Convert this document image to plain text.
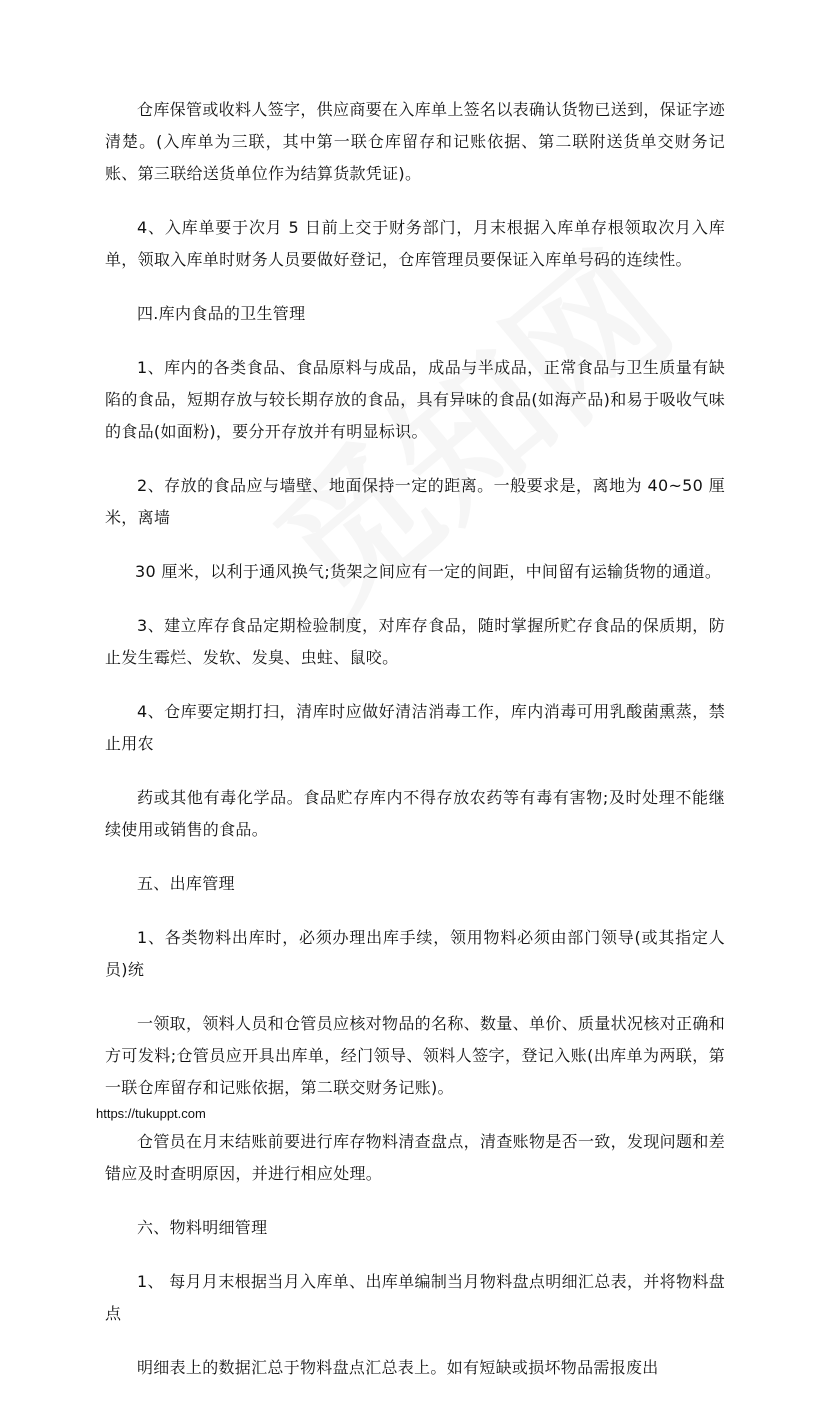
仓库保管或收料人签字，供应商要在入库单上签名以表确认货物已送到，保证字迹清楚。(入库单为三联，其中第一联仓库留存和记账依据、第二联附送货单交财务记账、第三联给送货单位作为结算货款凭证)。

4、入库单要于次月 5 日前上交于财务部门，月末根据入库单存根领取次月入库单，领取入库单时财务人员要做好登记，仓库管理员要保证入库单号码的连续性。

四.库内食品的卫生管理

1、库内的各类食品、食品原料与成品，成品与半成品，正常食品与卫生质量有缺陷的食品，短期存放与较长期存放的食品，具有异味的食品(如海产品)和易于吸收气味的食品(如面粉)，要分开存放并有明显标识。

2、存放的食品应与墙壁、地面保持一定的距离。一般要求是，离地为 40~50 厘米，离墙

30 厘米，以利于通风换气;货架之间应有一定的间距，中间留有运输货物的通道。

3、建立库存食品定期检验制度，对库存食品，随时掌握所贮存食品的保质期，防止发生霉烂、发软、发臭、虫蛀、鼠咬。

4、仓库要定期打扫，清库时应做好清洁消毒工作，库内消毒可用乳酸菌熏蒸，禁止用农

药或其他有毒化学品。食品贮存库内不得存放农药等有毒有害物;及时处理不能继续使用或销售的食品。

五、出库管理

1、各类物料出库时，必须办理出库手续，领用物料必须由部门领导(或其指定人员)统

一领取，领料人员和仓管员应核对物品的名称、数量、单价、质量状况核对正确和方可发料;仓管员应开具出库单，经门领导、领料人签字，登记入账(出库单为两联，第一联仓库留存和记账依据，第二联交财务记账)。

仓管员在月末结账前要进行库存物料清查盘点，清查账物是否一致，发现问题和差错应及时查明原因，并进行相应处理。

六、物料明细管理

1、 每月月末根据当月入库单、出库单编制当月物料盘点明细汇总表，并将物料盘点

明细表上的数据汇总于物料盘点汇总表上。如有短缺或损坏物品需报废出

https://tukuppt.com
